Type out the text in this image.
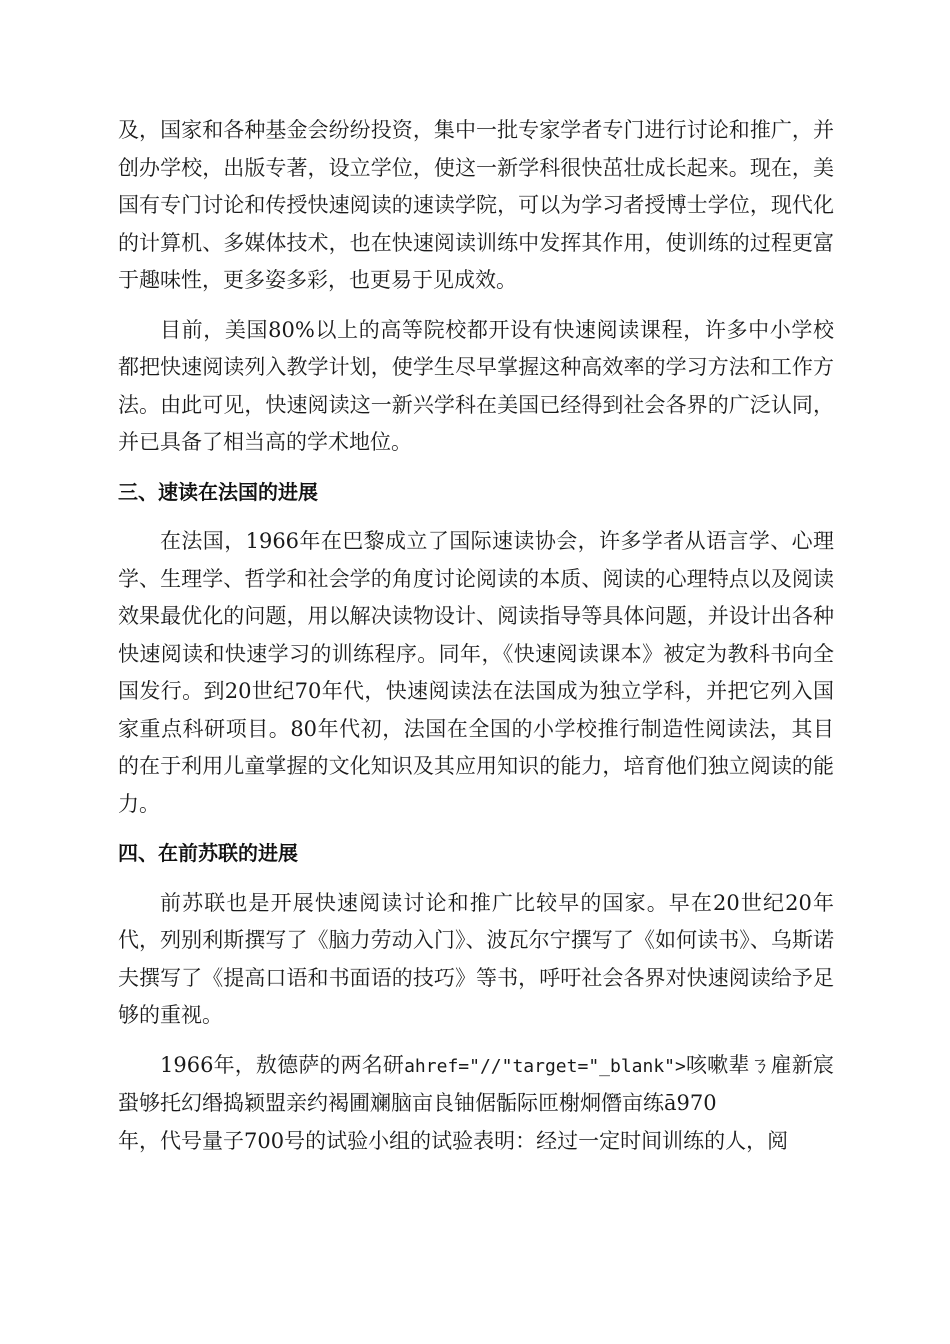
及，国家和各种基金会纷纷投资，集中一批专家学者专门进行讨论和推广，并创办学校，出版专著，设立学位，使这一新学科很快茁壮成长起来。现在，美国有专门讨论和传授快速阅读的速读学院，可以为学习者授博士学位，现代化的计算机、多媒体技术，也在快速阅读训练中发挥其作用，使训练的过程更富于趣味性，更多姿多彩，也更易于见成效。

目前，美国80%以上的高等院校都开设有快速阅读课程，许多中小学校都把快速阅读列入教学计划，使学生尽早掌握这种高效率的学习方法和工作方法。由此可见，快速阅读这一新兴学科在美国已经得到社会各界的广泛认同，并已具备了相当高的学术地位。

三、速读在法国的进展

在法国，1966年在巴黎成立了国际速读协会，许多学者从语言学、心理学、生理学、哲学和社会学的角度讨论阅读的本质、阅读的心理特点以及阅读效果最优化的问题，用以解决读物设计、阅读指导等具体问题，并设计出各种快速阅读和快速学习的训练程序。同年，《快速阅读课本》被定为教科书向全国发行。到20世纪70年代，快速阅读法在法国成为独立学科，并把它列入国家重点科研项目。80年代初，法国在全国的小学校推行制造性阅读法，其目的在于利用儿童掌握的文化知识及其应用知识的能力，培育他们独立阅读的能力。

四、在前苏联的进展

前苏联也是开展快速阅读讨论和推广比较早的国家。早在20世纪20年代，列别利斯撰写了《脑力劳动入门》、波瓦尔宁撰写了《如何读书》、乌斯诺夫撰写了《提高口语和书面语的技巧》等书，呼吁社会各界对快速阅读给予足够的重视。

1966年，敖德萨的两名研ahref="//"target="_blank">咳嗽辈ㄋ雇新宸蛩够托幻缗捣颖盟亲约褐圃斓脑亩良铀倨骺际匝榭炯僭亩练ā970
年，代号量子700号的试验小组的试验表明：经过一定时间训练的人，阅
